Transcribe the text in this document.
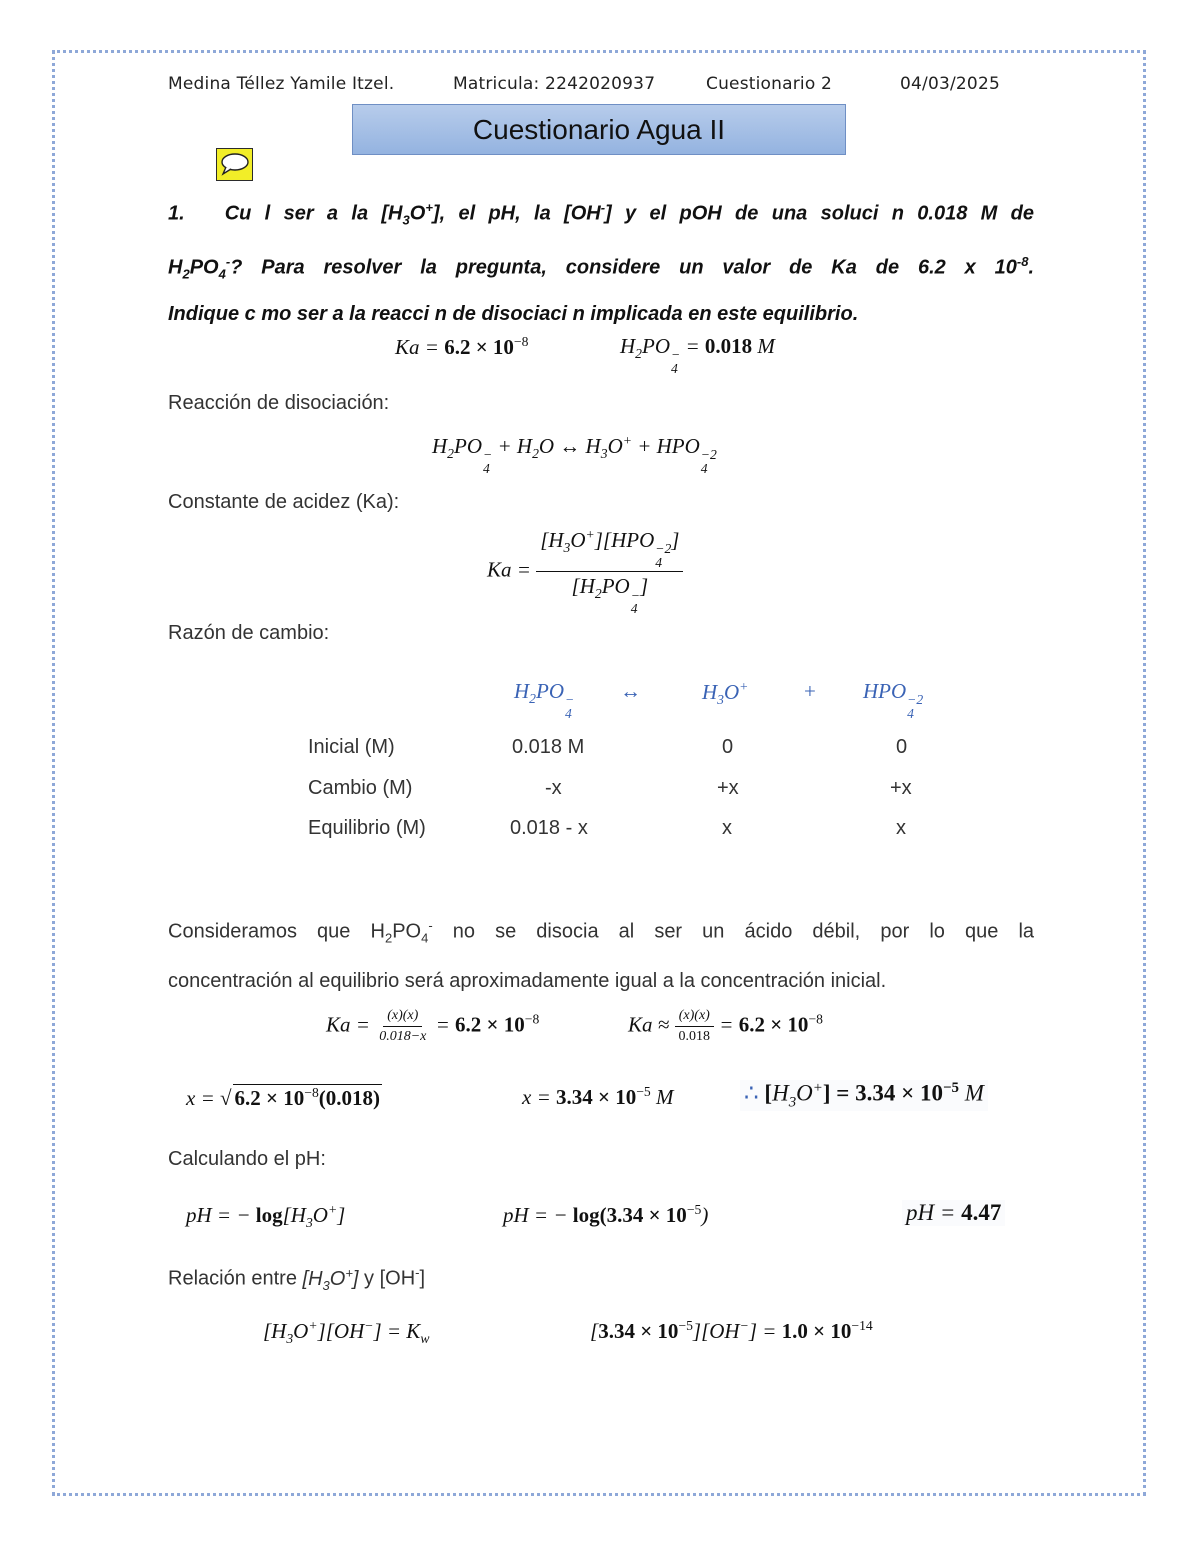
Medina Téllez Yamile Itzel.	Matricula: 2242020937	Cuestionario 2	04/03/2025
Cuestionario Agua II
1. Cu l ser a la $[H_3O^+]$, el pH, la [OH-] y el pOH de una soluci n 0.018 M de
$H_2PO_4^-$? Para resolver la pregunta, considere un valor de Ka de 6.2 x $10^{-8}$.
Indique c mo ser a la reacci n de disociaci n implicada en este equilibrio.
$Ka = 6.2 \times 10^{-8}$	$H_2PO$ −
4
= 0.018 M
Reacción de disociación:
$H_2PO$ −
4
+ $H_2O$ ↔ $H_3O^+$ + HPO −2
4
Constante de acidez (Ka):
$Ka = [H_3O^+][HPO -2$
4
]
[$H_2PO$ −
4
]
Razón de cambio:
$H_2PO$ −
4
↔	$H_3O^+$	+ HPO −2
4
Inicial (M)	0.018 M	0	0
Cambio (M)	-x	+x	+x
Equilibrio (M)	0.018 - x	x	x
Consideramos que $H_2PO_4^-$ no se disocia al ser un ácido débil, por lo que la
concentración al equilibrio será aproximadamente igual a la concentración inicial.
$Ka = \frac{(x)(x)}{0.018-x} = 6.2 \times 10^{-8}$	$Ka \approx \frac{(x)(x)}{0.018} = 6.2 \times 10^{-8}$
x = √ $6.2 \times 10^{-8}(0.018)$	$x = 3.34 \times 10^{-5}$ M	∴ $[H_3O^+] = 3.34 \times 10^{-5}$ M
Calculando el pH:
pH = − $\log[H_3O^+]$	pH = − $\log(3.34 \times 10^{-5})$	pH = 4.47
Relación entre $[H_3O^+]$ y [OH-]
$[H_3O^+][OH^-] = K_w$	$[3.34 \times 10^{-5}][OH^-] = 1.0 \times 10^{-14}$
